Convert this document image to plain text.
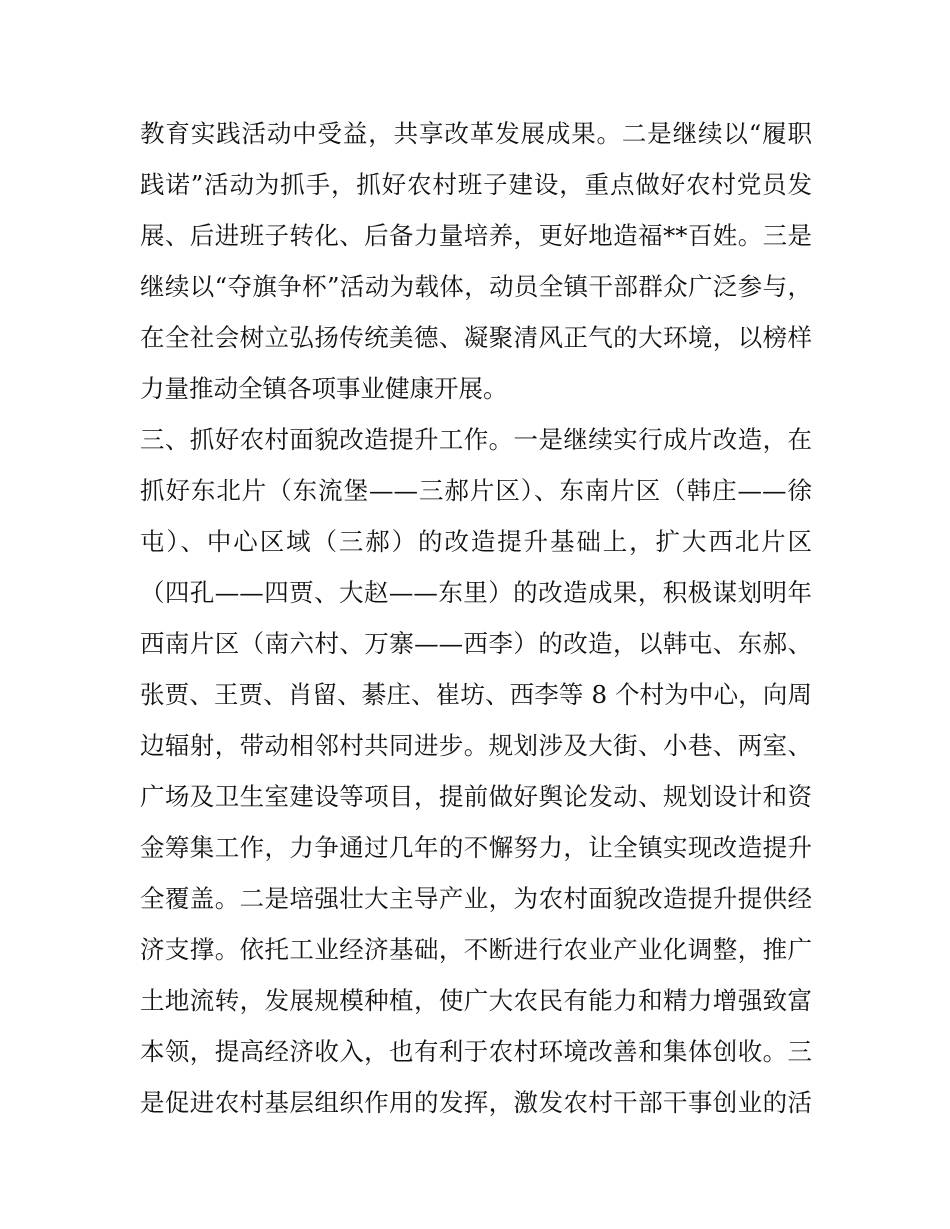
教育实践活动中受益，共享改革发展成果。二是继续以“履职
践诺”活动为抓手，抓好农村班子建设，重点做好农村党员发
展、后进班子转化、后备力量培养，更好地造福**百姓。三是
继续以“夺旗争杯”活动为载体，动员全镇干部群众广泛参与，
在全社会树立弘扬传统美德、凝聚清风正气的大环境，以榜样
力量推动全镇各项事业健康开展。
三、抓好农村面貌改造提升工作。一是继续实行成片改造，在
抓好东北片（东流堡——三郝片区）、东南片区（韩庄——徐
屯）、中心区域（三郝）的改造提升基础上，扩大西北片区
（四孔——四贾、大赵——东里）的改造成果，积极谋划明年
西南片区（南六村、万寨——西李）的改造，以韩屯、东郝、
张贾、王贾、肖留、綦庄、崔坊、西李等 8 个村为中心，向周
边辐射，带动相邻村共同进步。规划涉及大街、小巷、两室、
广场及卫生室建设等项目，提前做好舆论发动、规划设计和资
金筹集工作，力争通过几年的不懈努力，让全镇实现改造提升
全覆盖。二是培强壮大主导产业，为农村面貌改造提升提供经
济支撑。依托工业经济基础，不断进行农业产业化调整，推广
土地流转，发展规模种植，使广大农民有能力和精力增强致富
本领，提高经济收入，也有利于农村环境改善和集体创收。三
是促进农村基层组织作用的发挥，激发农村干部干事创业的活
